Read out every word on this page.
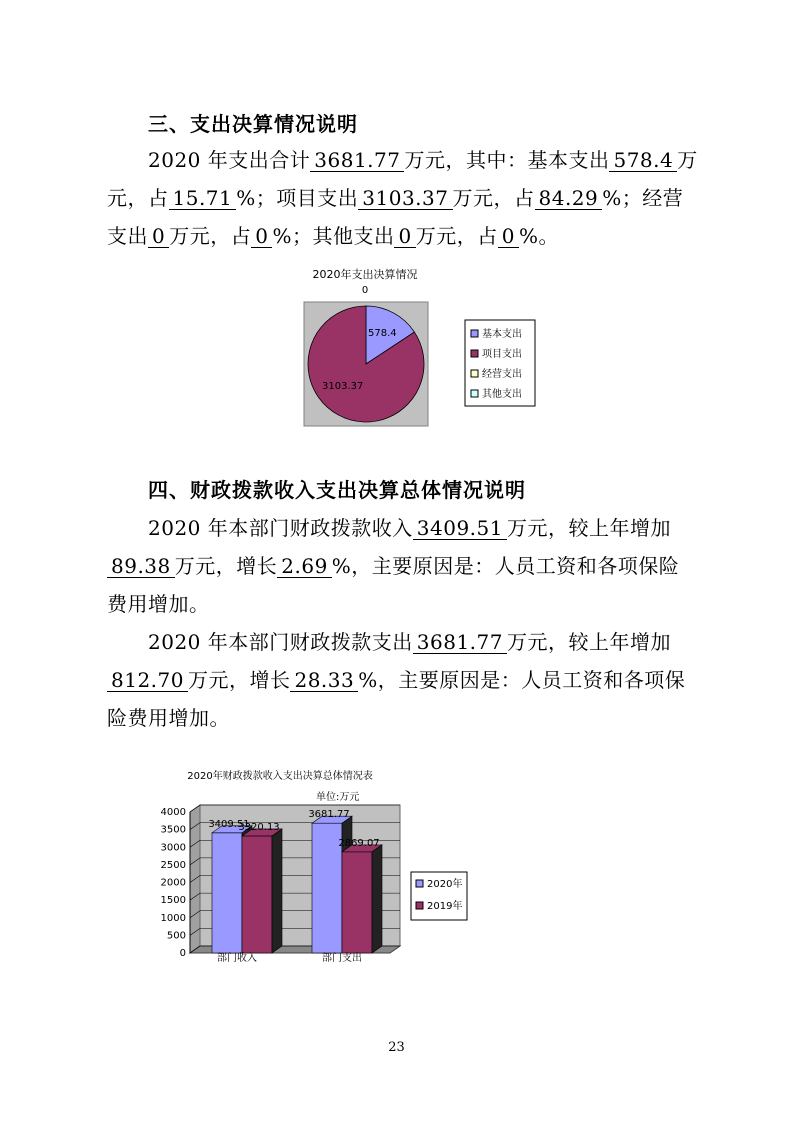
三、支出决算情况说明
2020 年支出合计 3681.77 万元，其中：基本支出 578.4 万
元，占 15.71 %；项目支出 3103.37 万元，占 84.29 %；经营
支出 0 万元，占 0 %；其他支出 0 万元，占 0 %。
2020年支出决算情况
0
578.4
3103.37
基本支出
项目支出
经营支出
其他支出
四、财政拨款收入支出决算总体情况说明
2020 年本部门财政拨款收入 3409.51 万元，较上年增加
89.38 万元，增长 2.69 %，主要原因是：人员工资和各项保险
费用增加。
2020 年本部门财政拨款支出 3681.77 万元，较上年增加
812.70 万元，增长 28.33 %，主要原因是：人员工资和各项保
险费用增加。
2020年财政拨款收入支出决算总体情况表
单位:万元
0
500
1000
1500
2000
2500
3000
3500
4000
3409.51
3320.13
3681.77
2869.07
部门收入	部门支出
2020年
2019年
23
